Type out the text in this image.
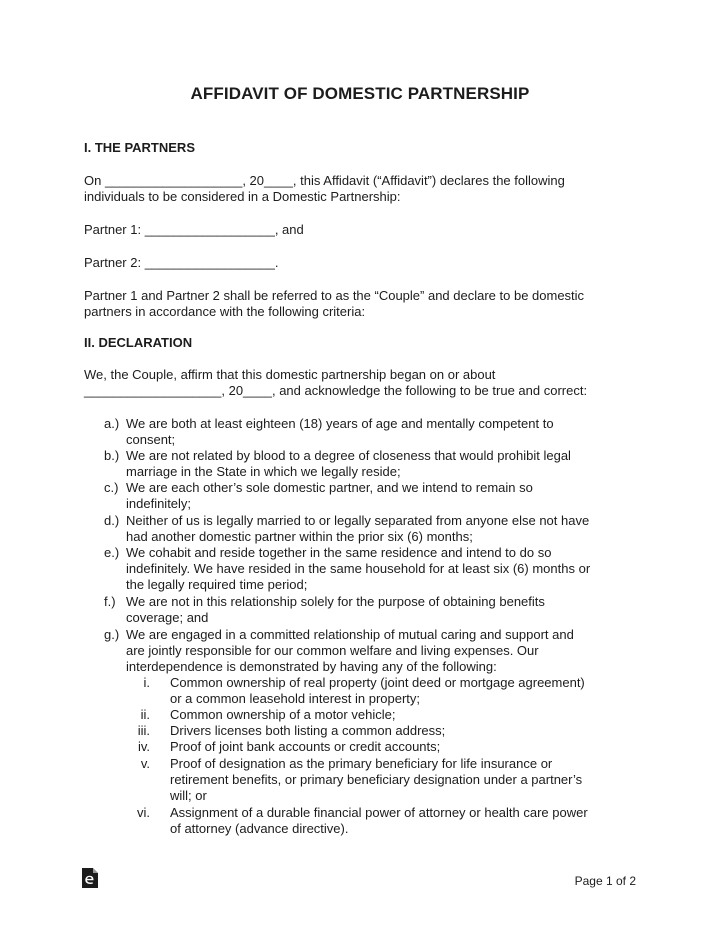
AFFIDAVIT OF DOMESTIC PARTNERSHIP
I. THE PARTNERS
On ___________________, 20____, this Affidavit (“Affidavit”) declares the following
individuals to be considered in a Domestic Partnership:
Partner 1: __________________, and
Partner 2: __________________.
Partner 1 and Partner 2 shall be referred to as the “Couple” and declare to be domestic
partners in accordance with the following criteria:
II. DECLARATION
We, the Couple, affirm that this domestic partnership began on or about
___________________, 20____, and acknowledge the following to be true and correct:
a.) We are both at least eighteen (18) years of age and mentally competent to
consent;
b.) We are not related by blood to a degree of closeness that would prohibit legal
marriage in the State in which we legally reside;
c.) We are each other’s sole domestic partner, and we intend to remain so
indefinitely;
d.) Neither of us is legally married to or legally separated from anyone else not have
had another domestic partner within the prior six (6) months;
e.) We cohabit and reside together in the same residence and intend to do so
indefinitely. We have resided in the same household for at least six (6) months or
the legally required time period;
f.) We are not in this relationship solely for the purpose of obtaining benefits
coverage; and
g.) We are engaged in a committed relationship of mutual caring and support and
are jointly responsible for our common welfare and living expenses. Our
interdependence is demonstrated by having any of the following:
i. Common ownership of real property (joint deed or mortgage agreement)
or a common leasehold interest in property;
ii. Common ownership of a motor vehicle;
iii. Drivers licenses both listing a common address;
iv. Proof of joint bank accounts or credit accounts;
v. Proof of designation as the primary beneficiary for life insurance or
retirement benefits, or primary beneficiary designation under a partner’s
will; or
vi. Assignment of a durable financial power of attorney or health care power
of attorney (advance directive).
Page 1 of 2
